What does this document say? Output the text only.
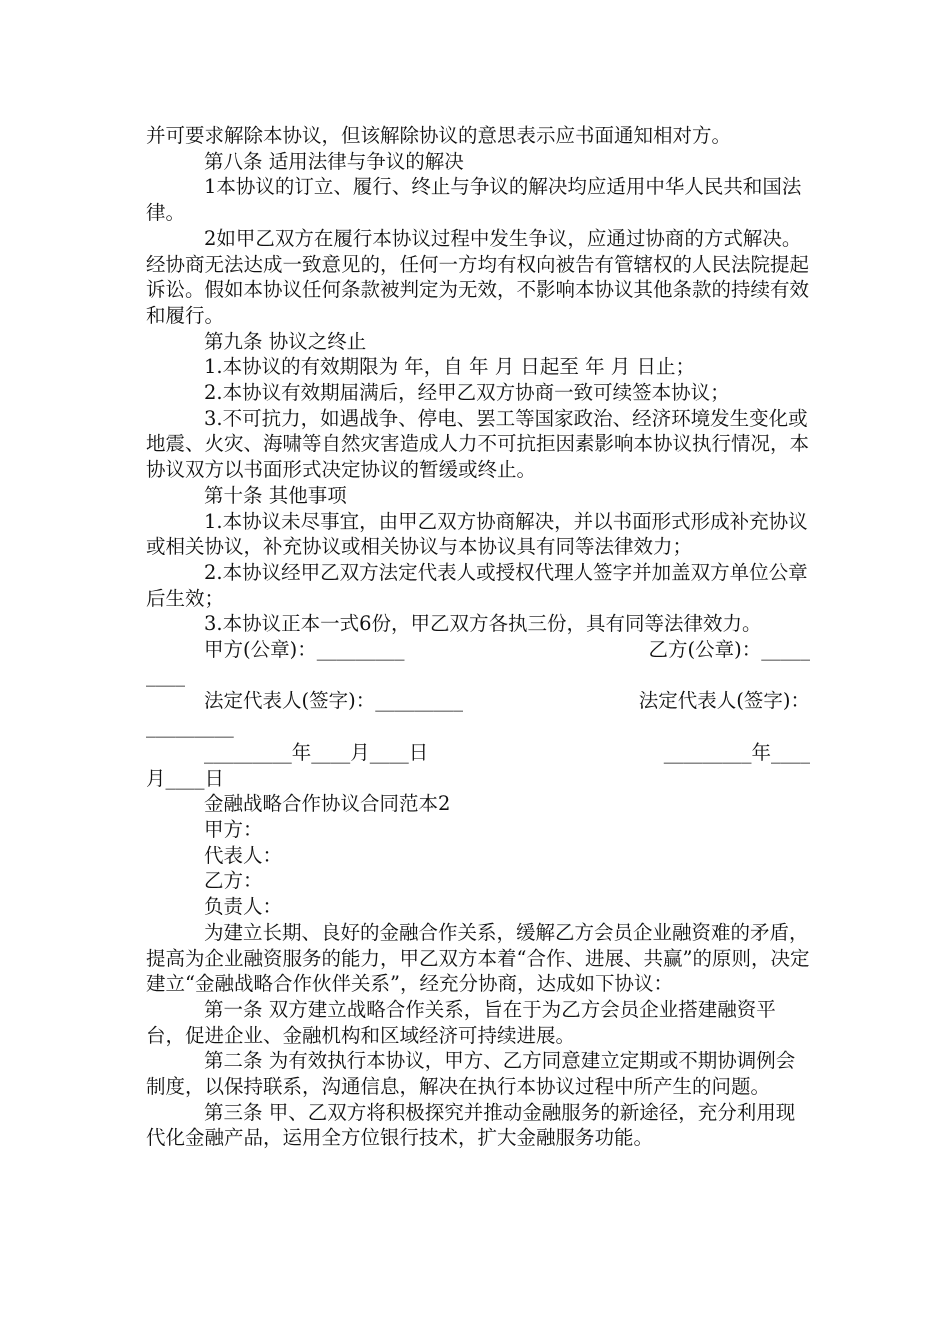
并可要求解除本协议，但该解除协议的意思表示应书面通知相对方。

第八条 适用法律与争议的解决

1本协议的订立、履行、终止与争议的解决均应适用中华人民共和国法律。

2如甲乙双方在履行本协议过程中发生争议，应通过协商的方式解决。经协商无法达成一致意见的，任何一方均有权向被告有管辖权的人民法院提起诉讼。假如本协议任何条款被判定为无效，不影响本协议其他条款的持续有效和履行。

第九条 协议之终止

1.本协议的有效期限为 年，自 年 月 日起至 年 月 日止；

2.本协议有效期届满后，经甲乙双方协商一致可续签本协议；

3.不可抗力，如遇战争、停电、罢工等国家政治、经济环境发生变化或地震、火灾、海啸等自然灾害造成人力不可抗拒因素影响本协议执行情况，本协议双方以书面形式决定协议的暂缓或终止。

第十条 其他事项

1.本协议未尽事宜，由甲乙双方协商解决，并以书面形式形成补充协议或相关协议，补充协议或相关协议与本协议具有同等法律效力；

2.本协议经甲乙双方法定代表人或授权代理人签字并加盖双方单位公章后生效；

3.本协议正本一式6份，甲乙双方各执三份，具有同等法律效力。

甲方(公章)：_________	乙方(公章)：_____
____
法定代表人(签字)：_________	法定代表人(签字)：
_________
_________年____月____日	_________年____
月____日

金融战略合作协议合同范本2

甲方：

代表人：

乙方：

负责人：

为建立长期、良好的金融合作关系，缓解乙方会员企业融资难的矛盾，提高为企业融资服务的能力，甲乙双方本着“合作、进展、共赢”的原则，决定建立“金融战略合作伙伴关系”，经充分协商，达成如下协议：

第一条 双方建立战略合作关系，旨在于为乙方会员企业搭建融资平台，促进企业、金融机构和区域经济可持续进展。

第二条 为有效执行本协议，甲方、乙方同意建立定期或不期协调例会制度，以保持联系，沟通信息，解决在执行本协议过程中所产生的问题。

第三条 甲、乙双方将积极探究并推动金融服务的新途径，充分利用现代化金融产品，运用全方位银行技术，扩大金融服务功能。
